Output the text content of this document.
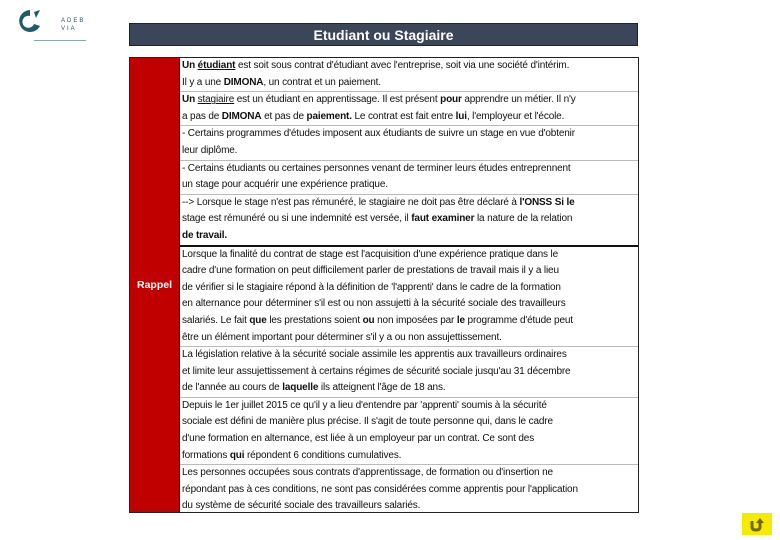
ADEB VIA	Etudiant ou Stagiaire
Rappel
Un étudiant est soit sous contrat d'étudiant avec l'entreprise, soit via une société d'intérim.
Il y a une DIMONA, un contrat et un paiement.
Un stagiaire est un étudiant en apprentissage. Il est présent pour apprendre un métier. Il n'y
a pas de DIMONA et pas de paiement. Le contrat est fait entre lui, l'employeur et l'école.
- Certains programmes d'études imposent aux étudiants de suivre un stage en vue d'obtenir
leur diplôme.
- Certains étudiants ou certaines personnes venant de terminer leurs études entreprennent
un stage pour acquérir une expérience pratique.
--> Lorsque le stage n'est pas rémunéré, le stagiaire ne doit pas être déclaré à l'ONSS Si le
stage est rémunéré ou si une indemnité est versée, il faut examiner la nature de la relation
de travail.
Lorsque la finalité du contrat de stage est l'acquisition d'une expérience pratique dans le
cadre d'une formation on peut difficilement parler de prestations de travail mais il y a lieu
de vérifier si le stagiaire répond à la définition de 'l'apprenti' dans le cadre de la formation
en alternance pour déterminer s'il est ou non assujetti à la sécurité sociale des travailleurs
salariés. Le fait que les prestations soient ou non imposées par le programme d'étude peut
être un élément important pour déterminer s'il y a ou non assujettissement.
La législation relative à la sécurité sociale assimile les apprentis aux travailleurs ordinaires
et limite leur assujettissement à certains régimes de sécurité sociale jusqu'au 31 décembre
de l'année au cours de laquelle ils atteignent l'âge de 18 ans.
Depuis le 1er juillet 2015 ce qu'il y a lieu d'entendre par 'apprenti' soumis à la sécurité
sociale est défini de manière plus précise. Il s'agit de toute personne qui, dans le cadre
d'une formation en alternance, est liée à un employeur par un contrat. Ce sont des
formations qui répondent 6 conditions cumulatives.
Les personnes occupées sous contrats d'apprentissage, de formation ou d'insertion ne
répondant pas à ces conditions, ne sont pas considérées comme apprentis pour l'application
du système de sécurité sociale des travailleurs salariés.
